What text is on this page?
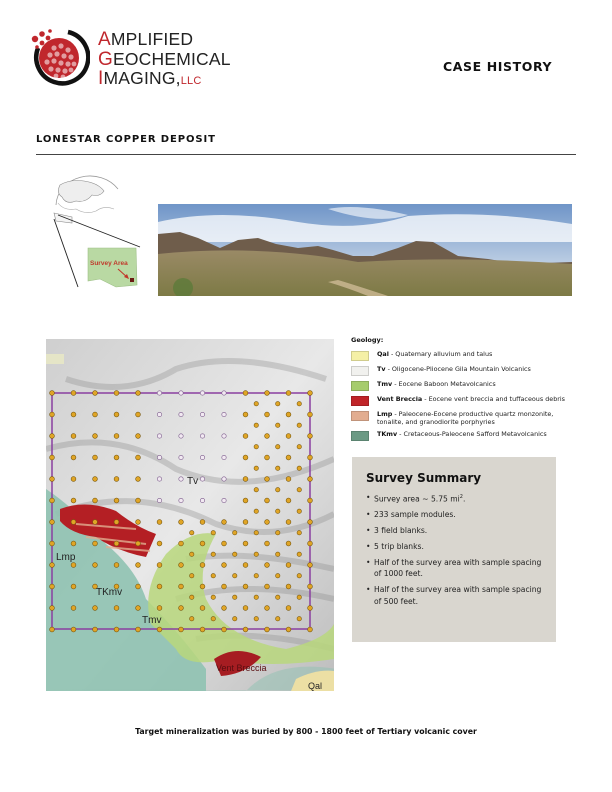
AMPLIFIED
GEOCHEMICAL
IMAGING,LLC
CASE HISTORY
LONESTAR COPPER DEPOSIT
Survey Area
Tv
Lmp
TKmv
Tmv
Vent Breccia
Qal
Geology:
Qal - Quatemary alluvium and talus
Tv - Oligocene-Pliocene Gila Mountain Volcanics
Tmv - Eocene Baboon Metavolcanics
Vent Breccia - Eocene vent breccia and tuffaceous debris
Lmp - Paleocene-Eocene productive quartz monzonite, tonalite, and granodiorite porphyries
TKmv - Cretaceous-Paleocene Safford Metavolcanics
Survey Summary
• Survey area ~ 5.75 $mi^2$.
• 233 sample modules.
• 3 field blanks.
• 5 trip blanks.
• Half of the survey area with sample spacing of 1000 feet.
• Half of the survey area with sample spacing of 500 feet.
Target mineralization was buried by 800 - 1800 feet of Tertiary volcanic cover
